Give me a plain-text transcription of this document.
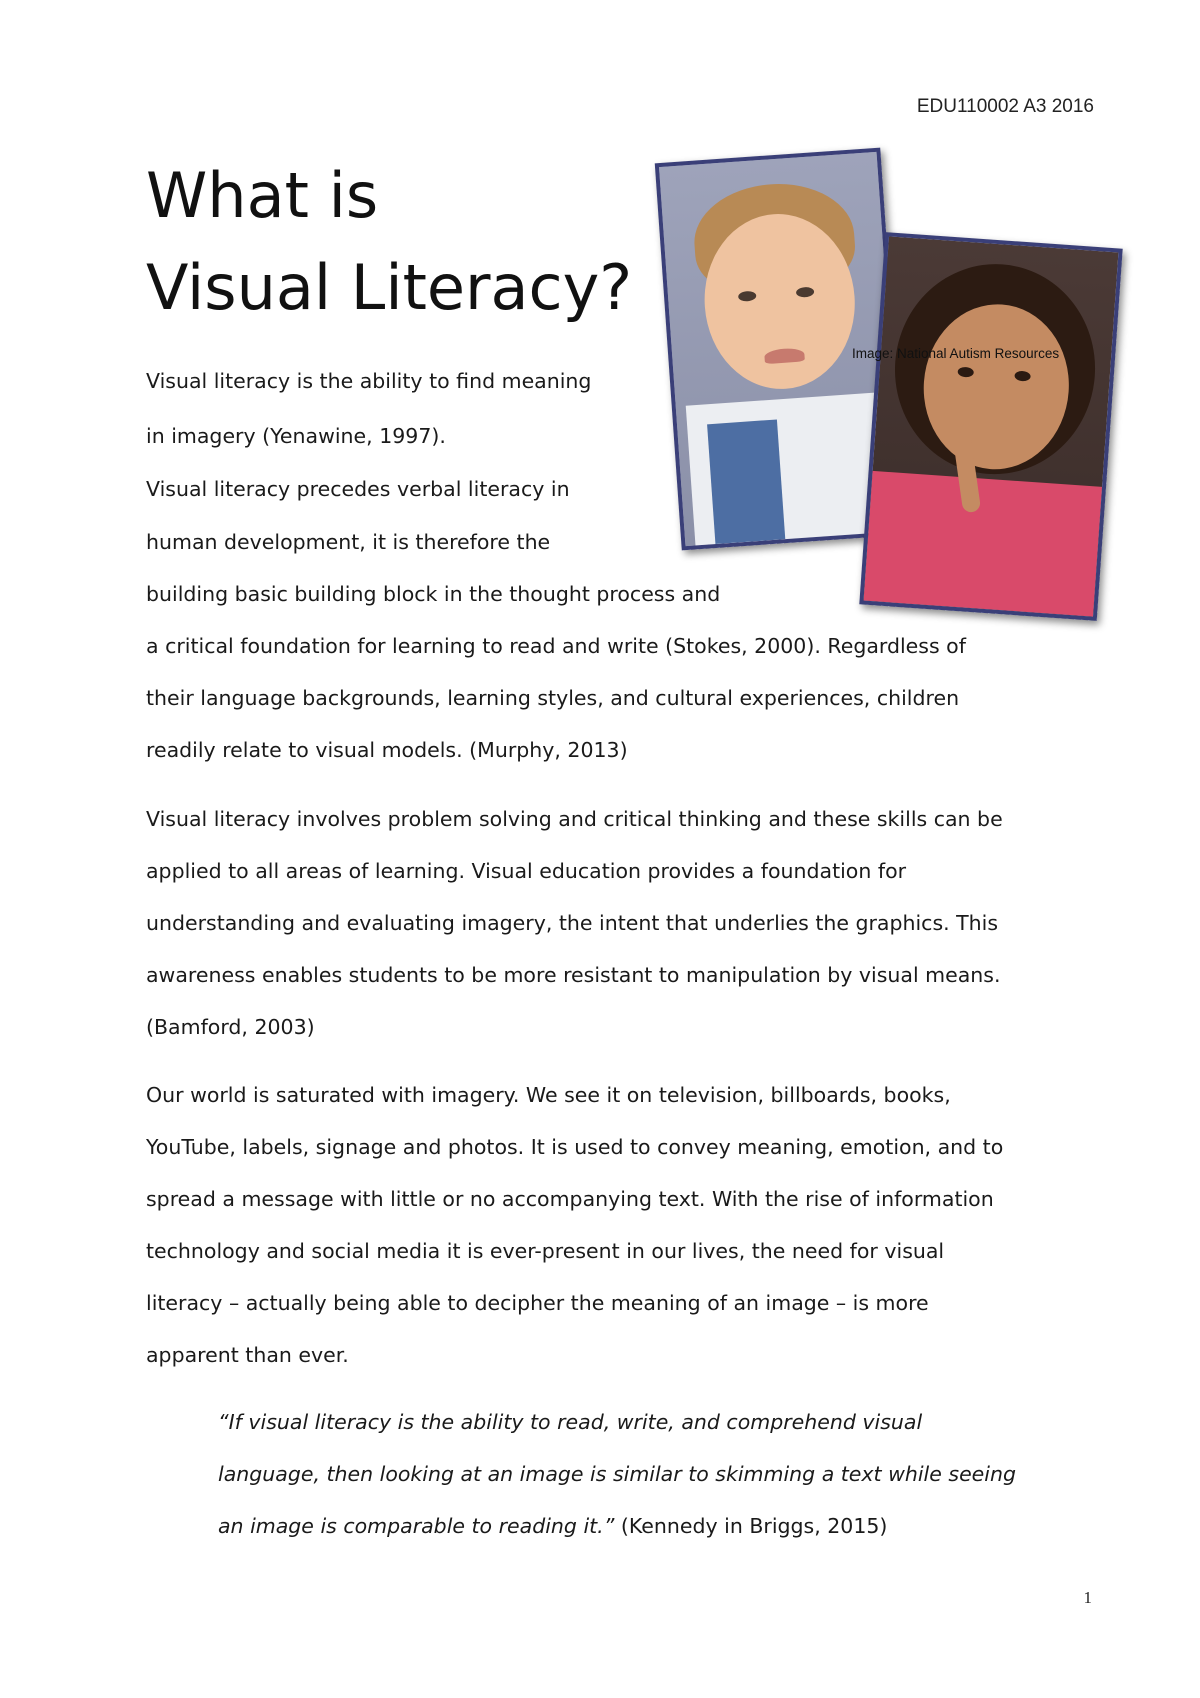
EDU110002 A3 2016
What is
Visual Literacy?
Image: National Autism Resources

Visual literacy is the ability to find meaning

in imagery (Yenawine, 1997).

Visual literacy precedes verbal literacy in

human development, it is therefore the

building basic building block in the thought process and

a critical foundation for learning to read and write (Stokes, 2000). Regardless of

their language backgrounds, learning styles, and cultural experiences, children

readily relate to visual models. (Murphy, 2013)

Visual literacy involves problem solving and critical thinking and these skills can be

applied to all areas of learning. Visual education provides a foundation for

understanding and evaluating imagery, the intent that underlies the graphics. This

awareness enables students to be more resistant to manipulation by visual means.

(Bamford, 2003)

Our world is saturated with imagery. We see it on television, billboards, books,

YouTube, labels, signage and photos. It is used to convey meaning, emotion, and to

spread a message with little or no accompanying text. With the rise of information

technology and social media it is ever-present in our lives, the need for visual

literacy – actually being able to decipher the meaning of an image – is more

apparent than ever.

“If visual literacy is the ability to read, write, and comprehend visual

language, then looking at an image is similar to skimming a text while seeing

an image is comparable to reading it.” (Kennedy in Briggs, 2015)

1
